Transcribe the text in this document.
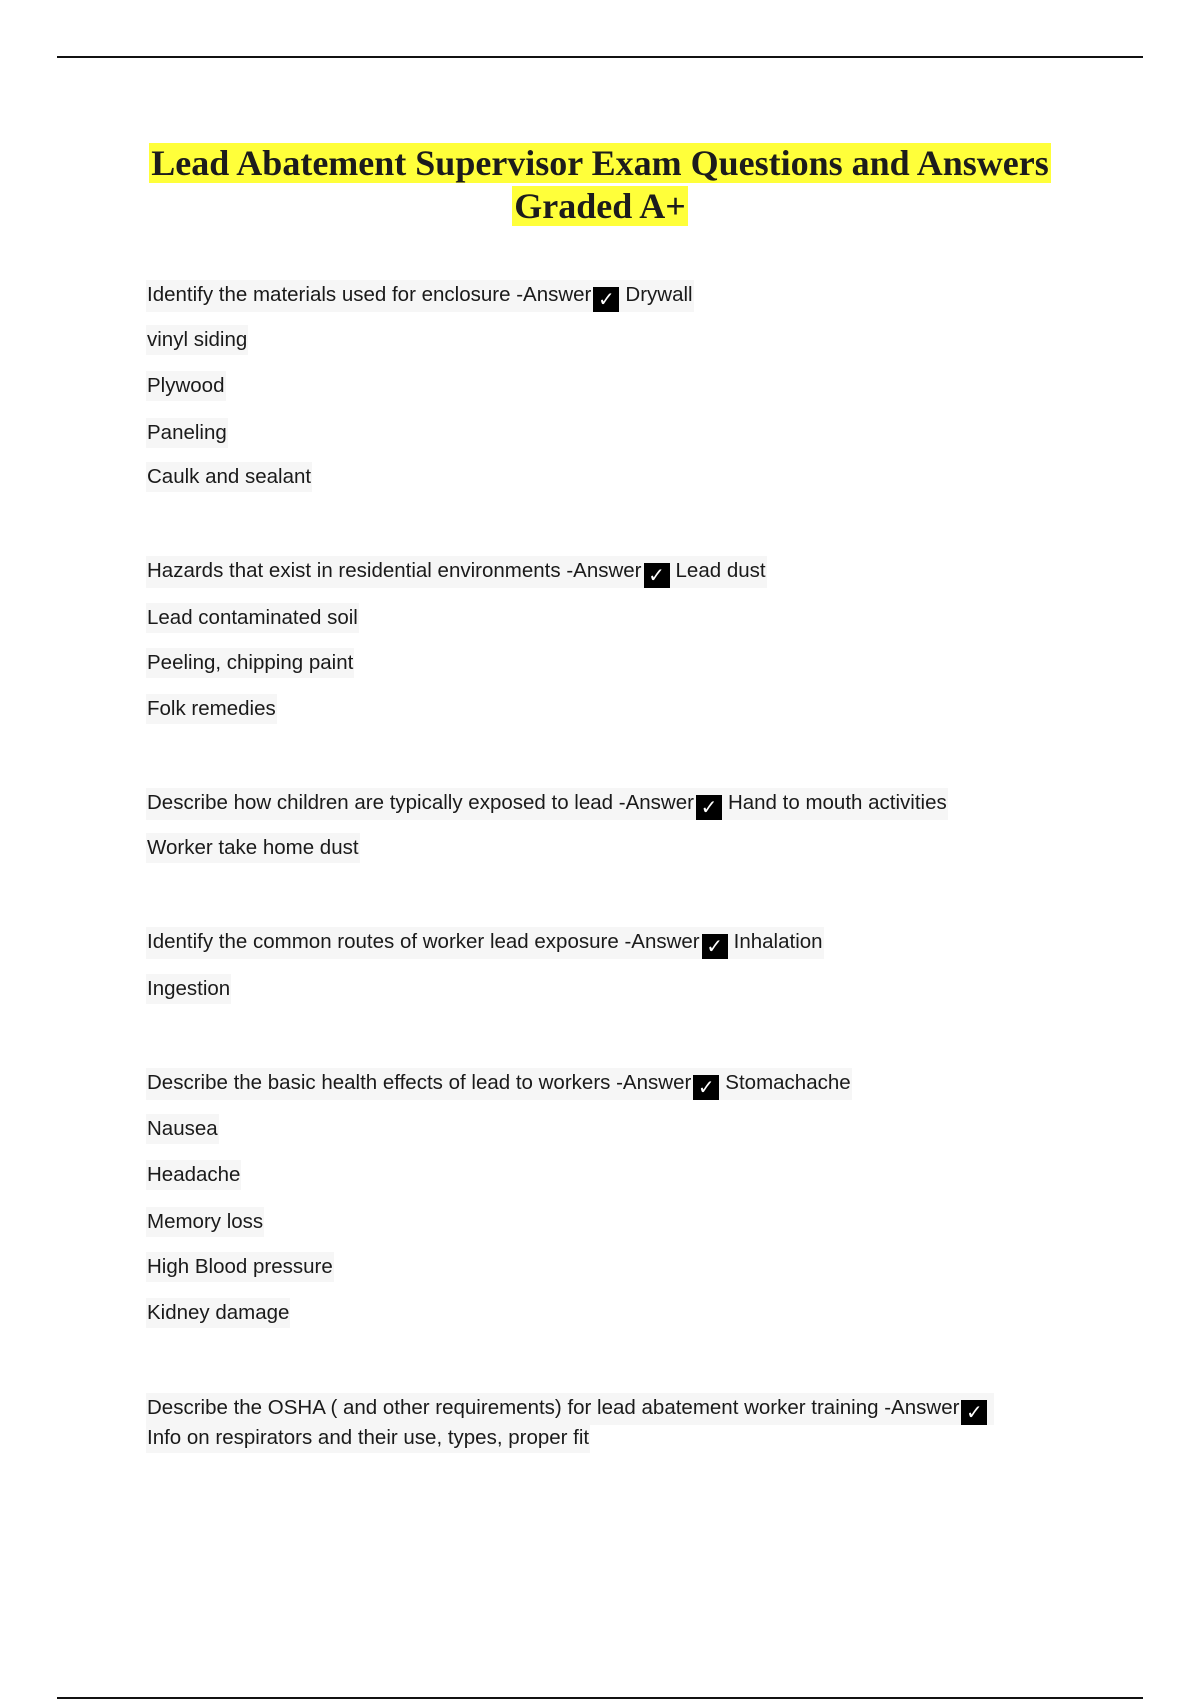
Lead Abatement Supervisor Exam Questions and Answers
Graded A+
Identify the materials used for enclosure -Answer ✓ Drywall
vinyl siding
Plywood
Paneling
Caulk and sealant
Hazards that exist in residential environments -Answer ✓ Lead dust
Lead contaminated soil
Peeling, chipping paint
Folk remedies
Describe how children are typically exposed to lead -Answer ✓ Hand to mouth activities
Worker take home dust
Identify the common routes of worker lead exposure -Answer ✓ Inhalation
Ingestion
Describe the basic health effects of lead to workers -Answer ✓ Stomachache
Nausea
Headache
Memory loss
High Blood pressure
Kidney damage
Describe the OSHA ( and other requirements) for lead abatement worker training -Answer ✓
Info on respirators and their use, types, proper fit
